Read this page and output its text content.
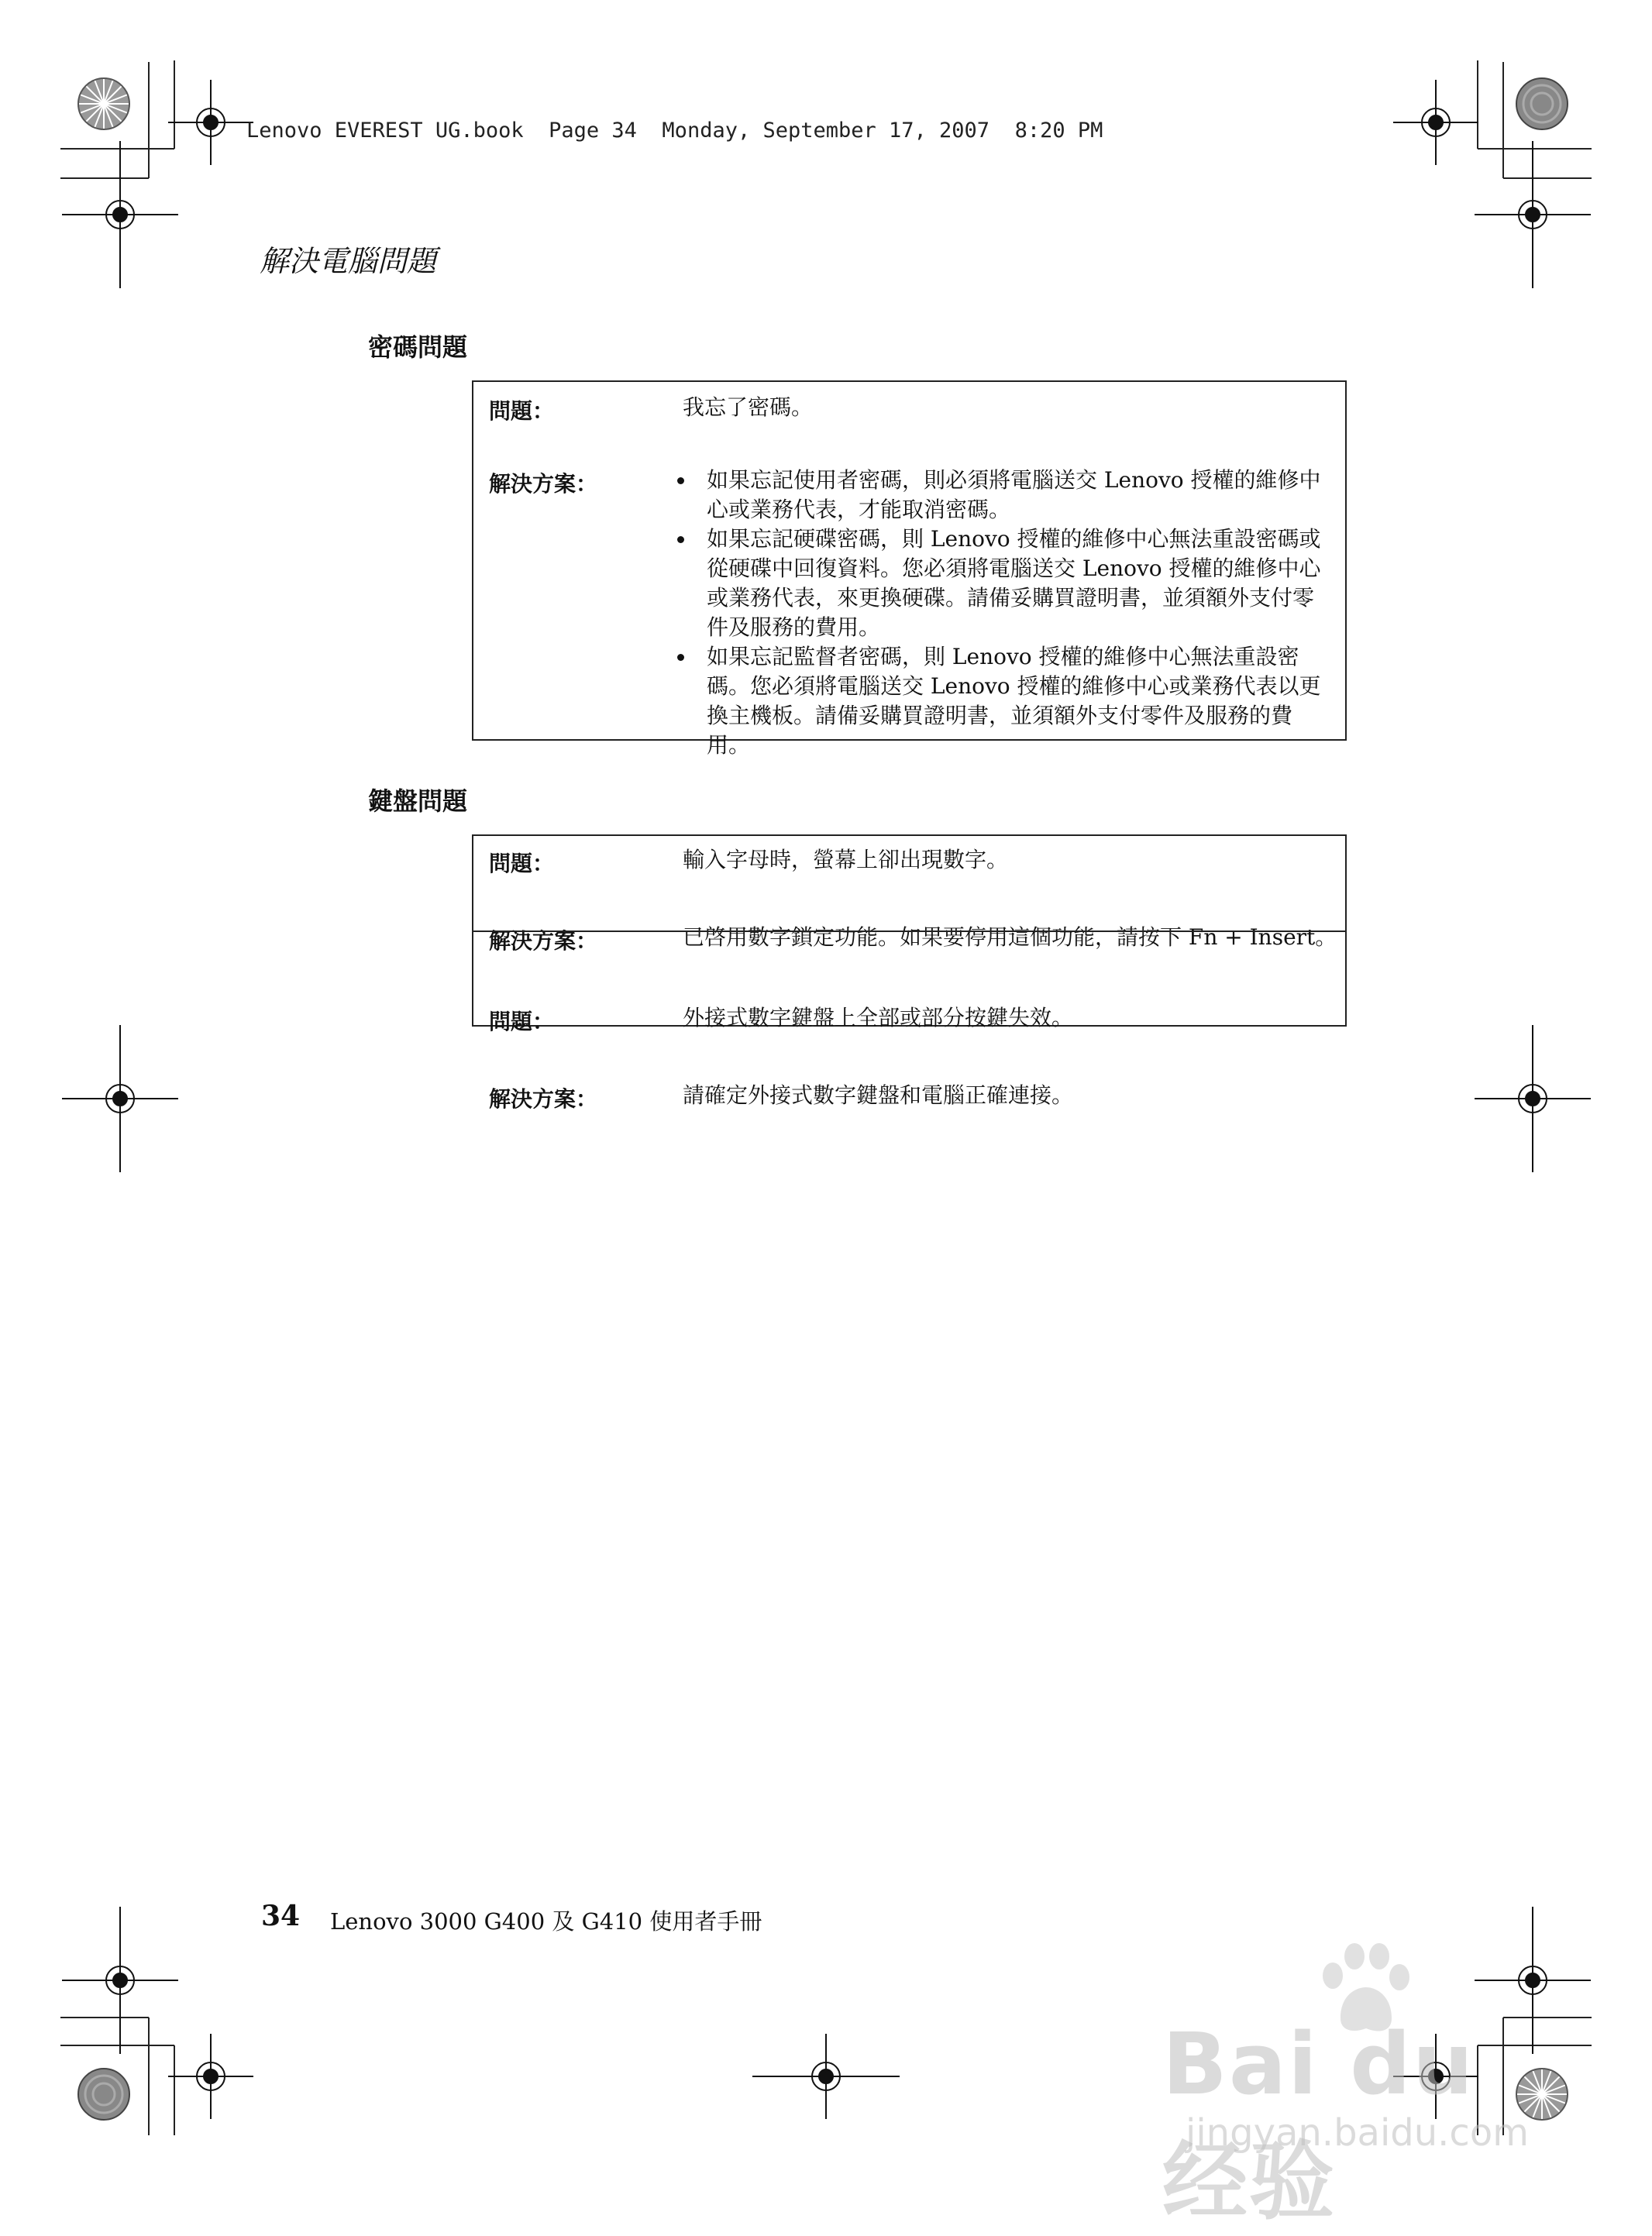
Lenovo EVEREST UG.book  Page 34  Monday, September 17, 2007  8:20 PM
解決電腦問題
密碼問題
問題：	我忘了密碼。
解決方案：	如果忘記使用者密碼，則必須將電腦送交 Lenovo 授權的維修中心或業務代表，才能取消密碼。
如果忘記硬碟密碼，則 Lenovo 授權的維修中心無法重設密碼或從硬碟中回復資料。您必須將電腦送交 Lenovo 授權的維修中心或業務代表，來更換硬碟。請備妥購買證明書，並須額外支付零件及服務的費用。
如果忘記監督者密碼，則 Lenovo 授權的維修中心無法重設密碼。您必須將電腦送交 Lenovo 授權的維修中心或業務代表以更換主機板。請備妥購買證明書，並須額外支付零件及服務的費用。
鍵盤問題
問題：	輸入字母時，螢幕上卻出現數字。
解決方案：	已啓用數字鎖定功能。如果要停用這個功能，請按下 Fn + Insert。
問題：	外接式數字鍵盤上全部或部分按鍵失效。
解決方案：	請確定外接式數字鍵盤和電腦正確連接。
34 Lenovo 3000 G400 及 G410 使用者手冊
Bai du 经验
jingyan.baidu.com
